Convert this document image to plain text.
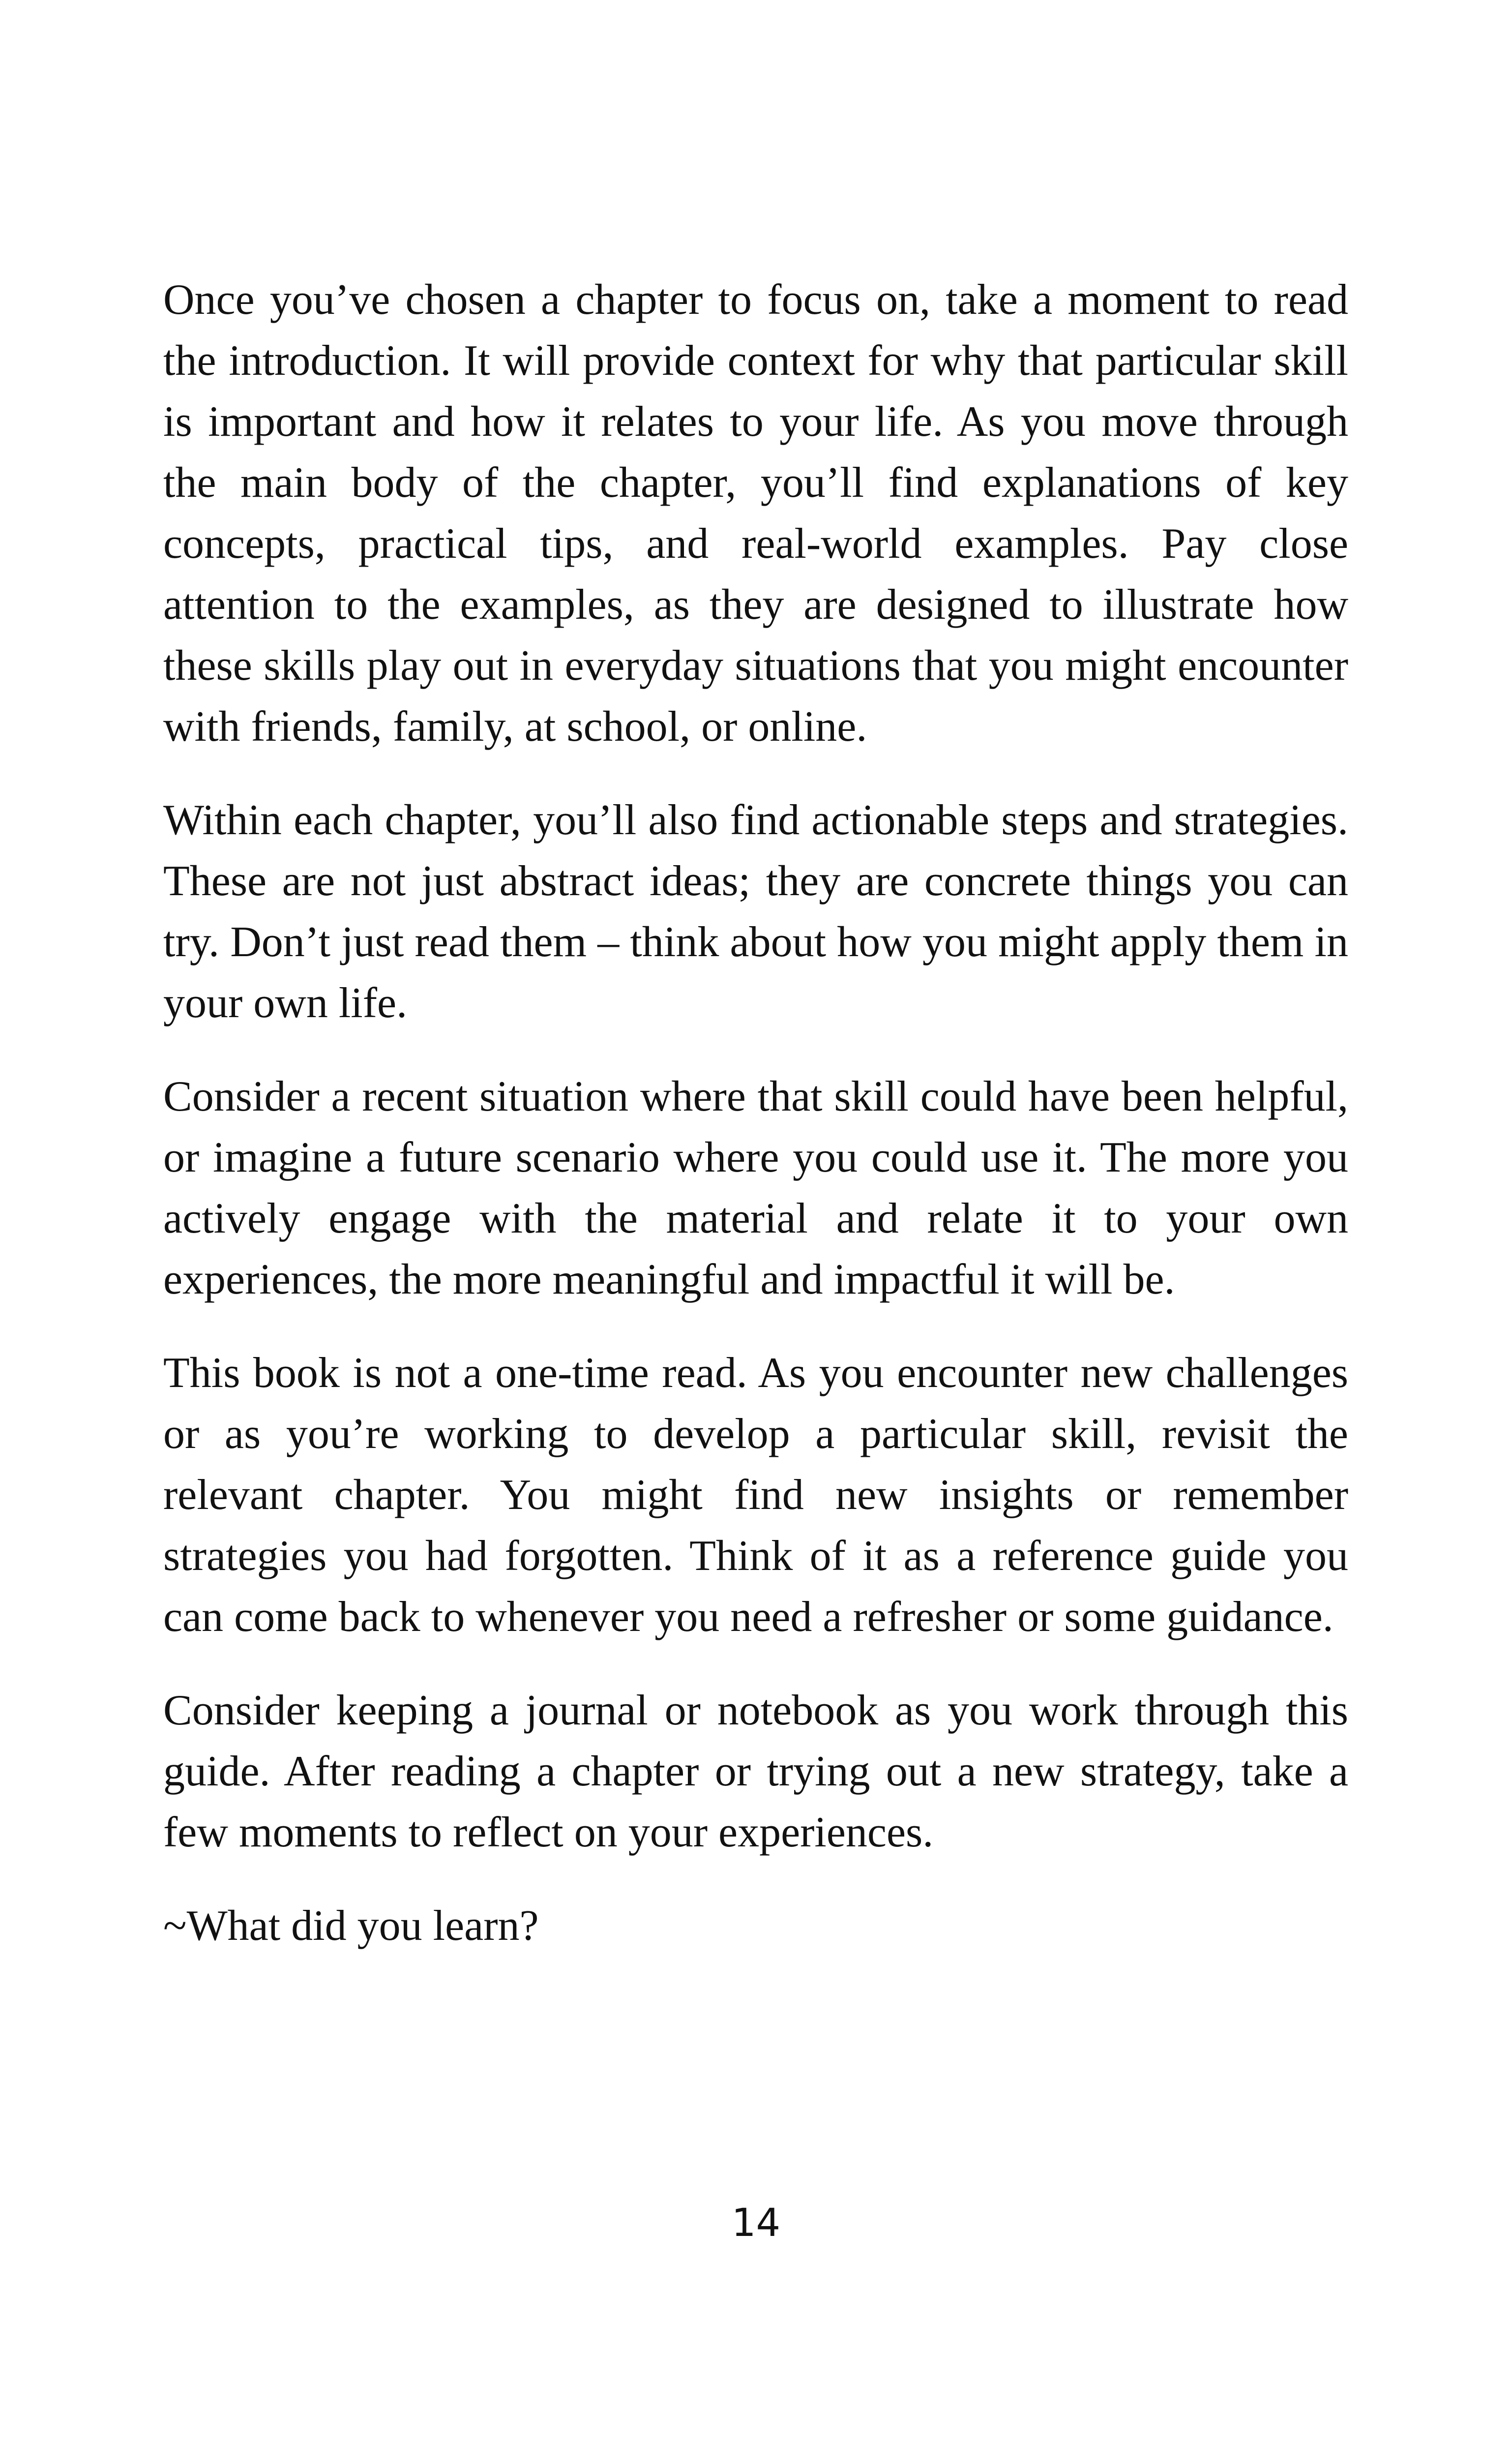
Once you’ve chosen a chapter to focus on, take a moment to read the introduction. It will provide context for why that particular skill is important and how it relates to your life. As you move through the main body of the chapter, you’ll find explanations of key concepts, practical tips, and real-world examples. Pay close attention to the examples, as they are designed to illustrate how these skills play out in everyday situations that you might encounter with friends, family, at school, or online.

Within each chapter, you’ll also find actionable steps and strategies. These are not just abstract ideas; they are concrete things you can try. Don’t just read them – think about how you might apply them in your own life.

Consider a recent situation where that skill could have been helpful, or imagine a future scenario where you could use it. The more you actively engage with the material and relate it to your own experiences, the more meaningful and impactful it will be.

This book is not a one-time read. As you encounter new challenges or as you’re working to develop a particular skill, revisit the relevant chapter. You might find new insights or remember strategies you had forgotten. Think of it as a reference guide you can come back to whenever you need a refresher or some guidance.

Consider keeping a journal or notebook as you work through this guide. After reading a chapter or trying out a new strategy, take a few moments to reflect on your experiences.

~What did you learn?

14
